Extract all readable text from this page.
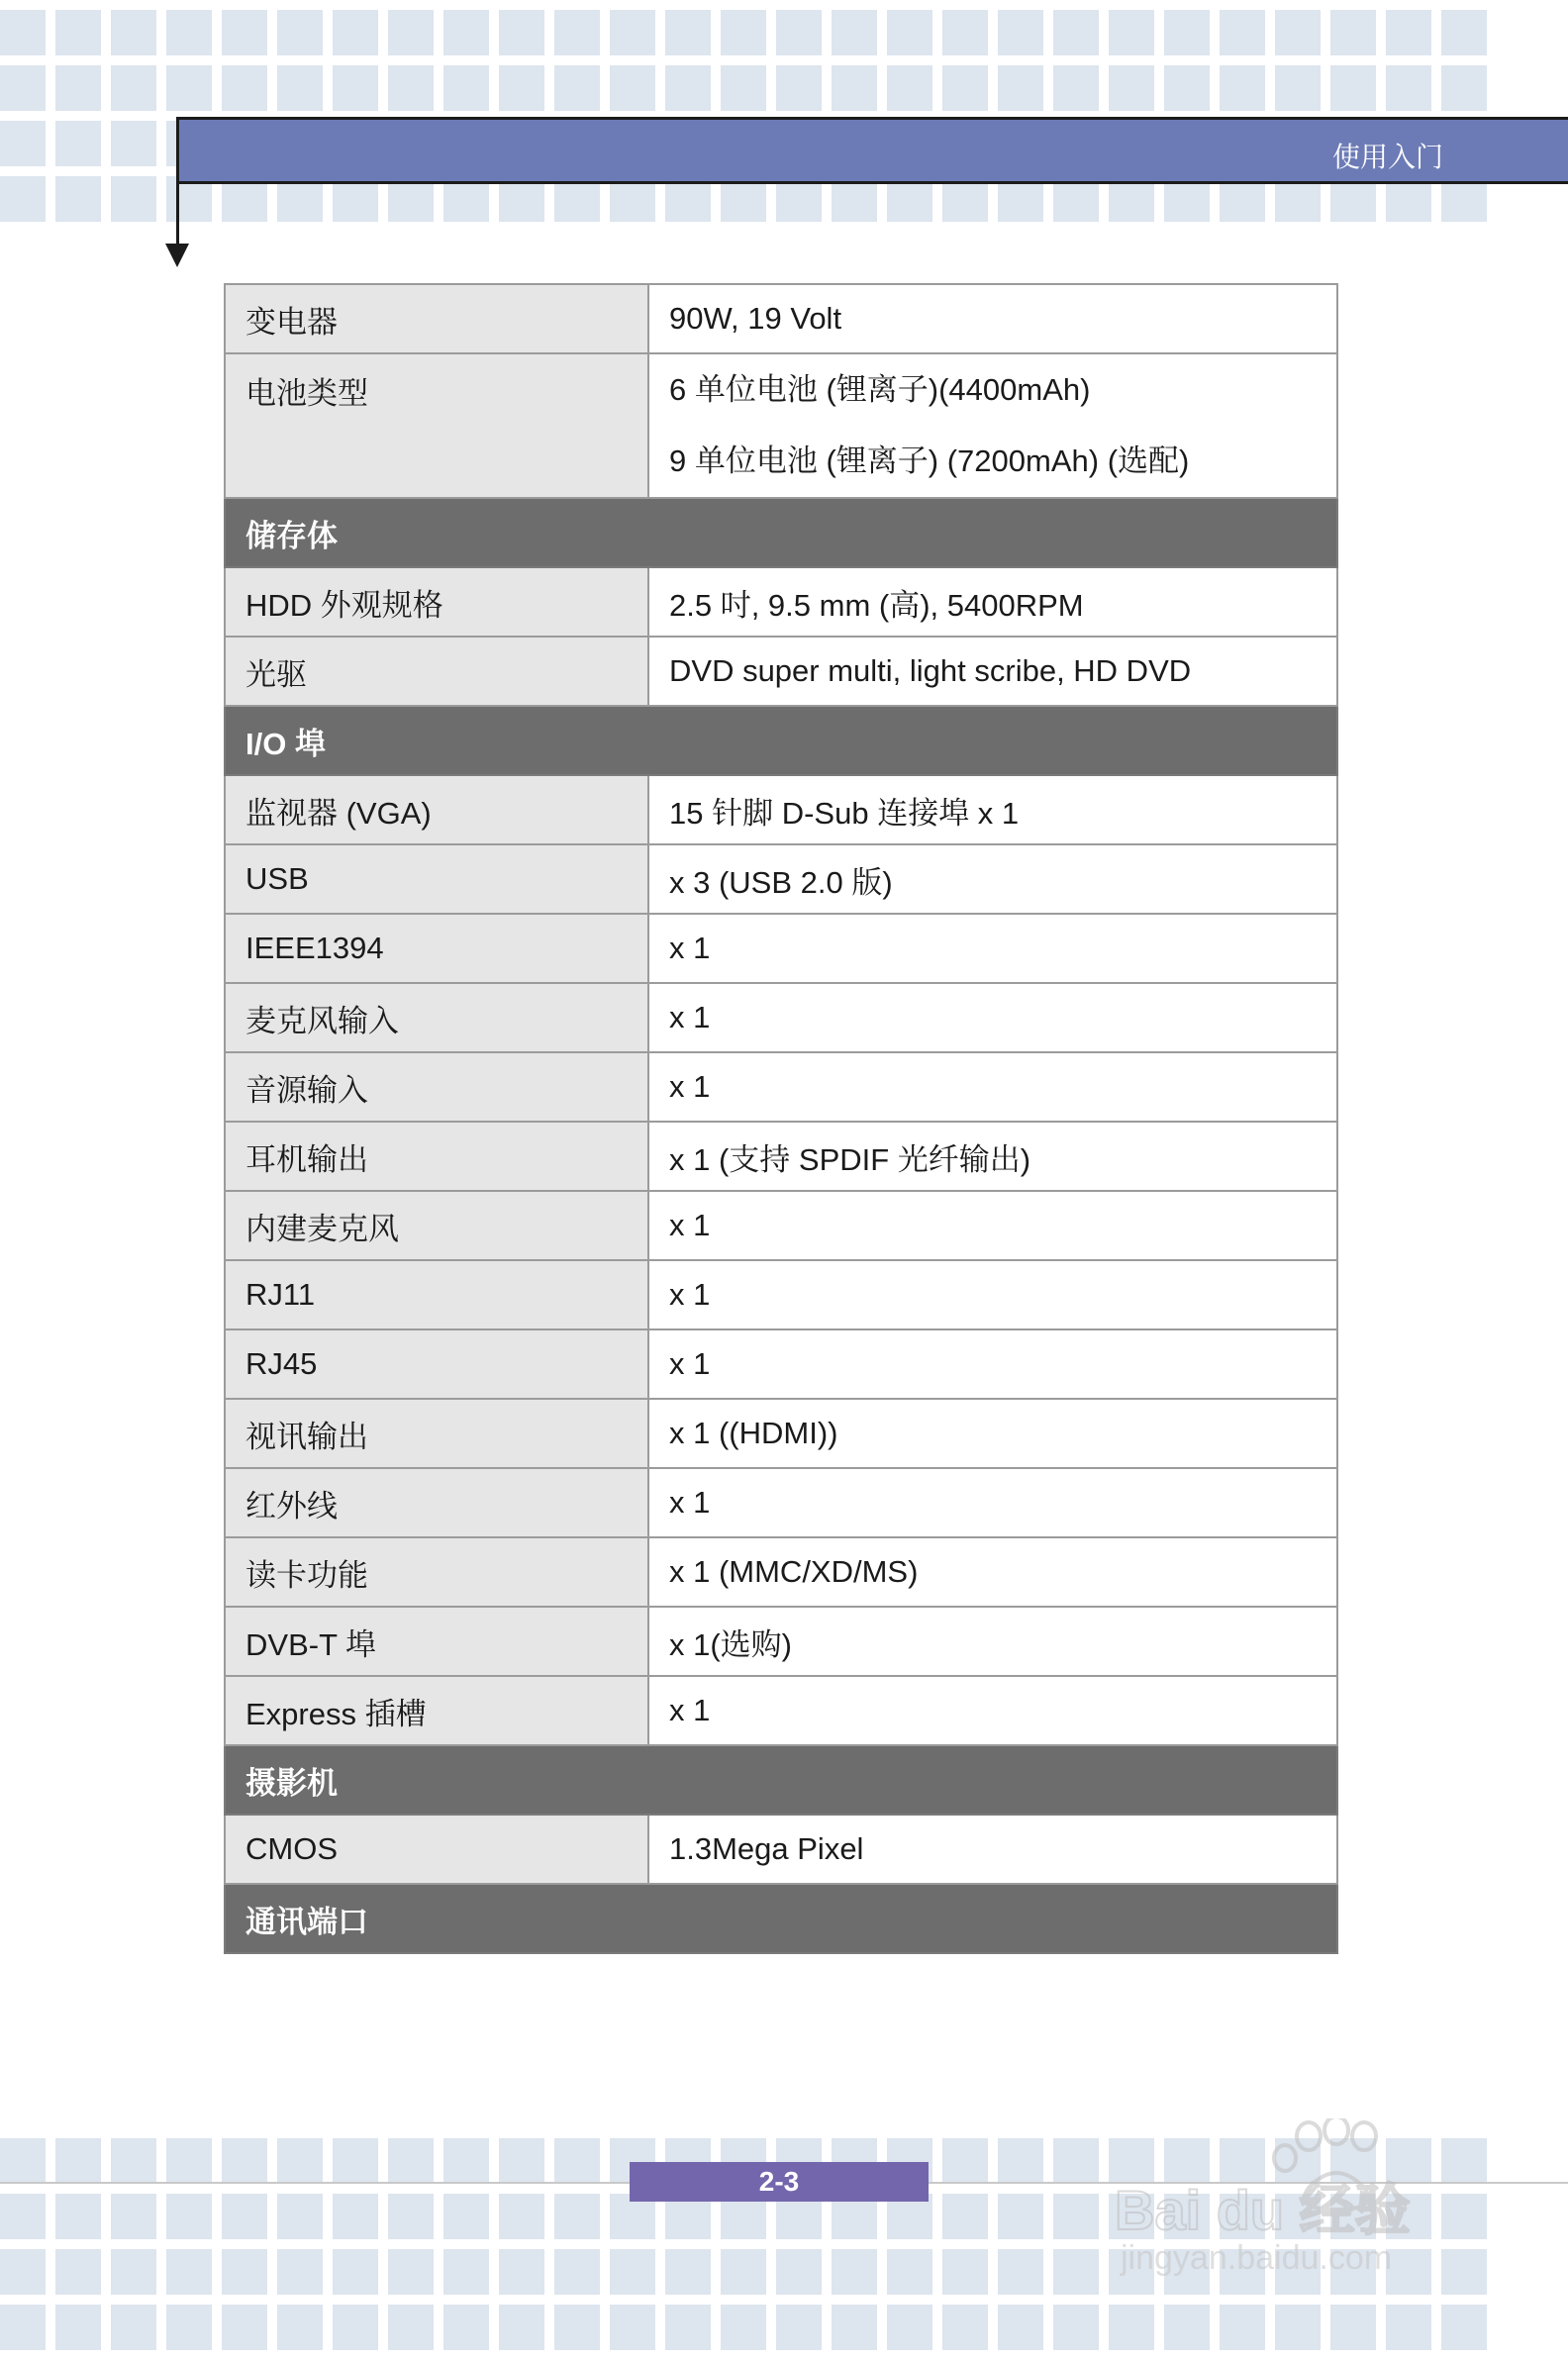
使用入门
变电器	90W, 19 Volt
电池类型	6 单位电池 (锂离子)(4400mAh)
9 单位电池 (锂离子) (7200mAh) (选配)

储存体	
HDD 外观规格	2.5 吋, 9.5 mm (高), 5400RPM
光驱	DVD super multi, light scribe, HD DVD
I/O 埠	
监视器 (VGA)	15 针脚 D-Sub 连接埠 x 1
USB	x 3 (USB 2.0 版)
IEEE1394	x 1
麦克风输入	x 1
音源输入	x 1
耳机输出	x 1 (支持 SPDIF 光纤输出)
内建麦克风	x 1
RJ11	x 1
RJ45	x 1
视讯输出	x 1 ((HDMI))
红外线	x 1
读卡功能	x 1 (MMC/XD/MS)
DVB-T 埠	x 1(选购)
Express 插槽	x 1
摄影机	
CMOS	1.3Mega Pixel
通讯端口	
2-3	Bai du 经验
jingyan.baidu.com
